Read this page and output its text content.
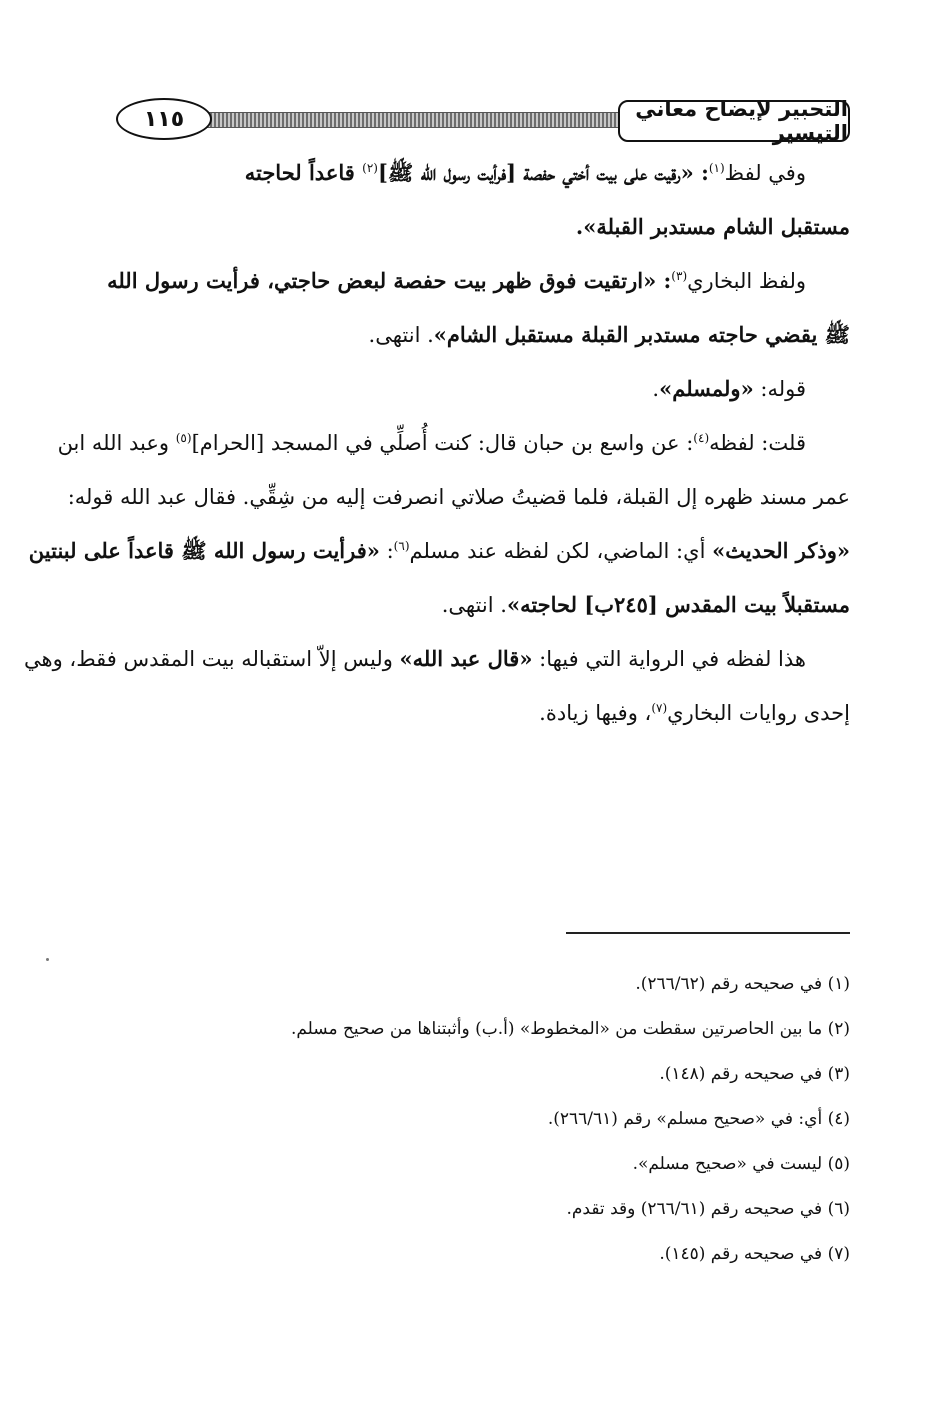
التحبير لإيضاح معاني التيسير
١١٥
وفي لفظ$^{(١)}$: «رقيت على بيت أختي حفصة [فرأيت رسول الله ﷺ]$^{(٢)}$ قاعداً لحاجته
مستقبل الشام مستدبر القبلة».
ولفظ البخاري$^{(٣)}$: «ارتقيت فوق ظهر بيت حفصة لبعض حاجتي، فرأيت رسول الله
ﷺ يقضي حاجته مستدبر القبلة مستقبل الشام». انتهى.
قوله: «ولمسلم».
قلت: لفظه$^{(٤)}$: عن واسع بن حبان قال: كنت أُصلِّي في المسجد [الحرام]$^{(٥)}$ وعبد الله ابن
عمر مسند ظهره إل القبلة، فلما قضيتُ صلاتي انصرفت إليه من شِقِّي. فقال عبد الله قوله:
«وذكر الحديث» أي: الماضي، لكن لفظه عند مسلم$^{(٦)}$: «فرأيت رسول الله ﷺ قاعداً على لبنتين
مستقبلاً بيت المقدس [٢٤٥ب] لحاجته». انتهى.
هذا لفظه في الرواية التي فيها: «قال عبد الله» وليس إلاّ استقباله بيت المقدس فقط، وهي
إحدى روايات البخاري$^{(٧)}$، وفيها زيادة.
(١) في صحيحه رقم (٢٦٦/٦٢).
(٢) ما بين الحاصرتين سقطت من «المخطوط» (أ.ب) وأثبتناها من صحيح مسلم.
(٣) في صحيحه رقم (١٤٨).
(٤) أي: في «صحيح مسلم» رقم (٢٦٦/٦١).
(٥) ليست في «صحيح مسلم».
(٦) في صحيحه رقم (٢٦٦/٦١) وقد تقدم.
(٧) في صحيحه رقم (١٤٥).
